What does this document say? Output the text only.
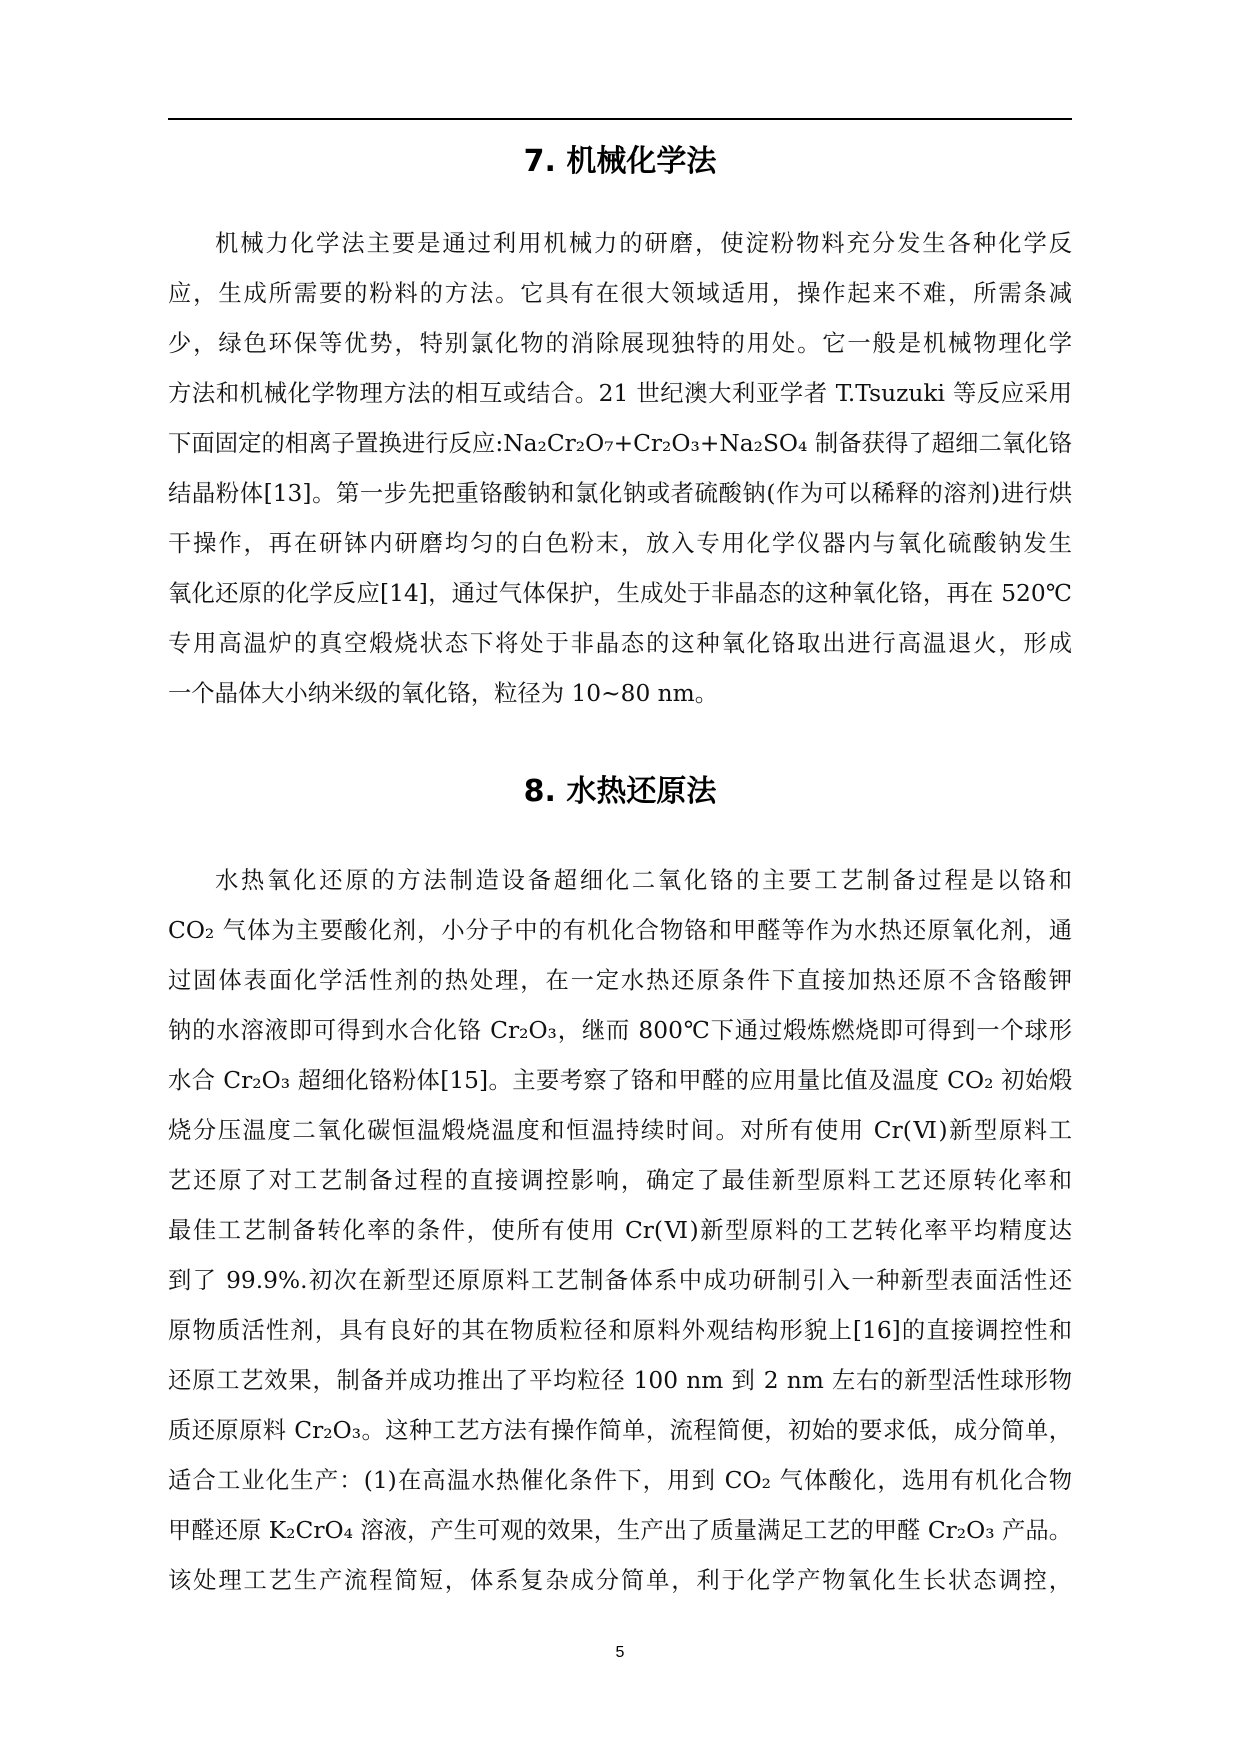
7. 机械化学法
机械力化学法主要是通过利用机械力的研磨，使淀粉物料充分发生各种化学反
应，生成所需要的粉料的方法。它具有在很大领域适用，操作起来不难，所需条减
少，绿色环保等优势，特别氯化物的消除展现独特的用处。它一般是机械物理化学
方法和机械化学物理方法的相互或结合。21 世纪澳大利亚学者 T.Tsuzuki 等反应采用
下面固定的相离子置换进行反应:Na₂Cr₂O₇+Cr₂O₃+Na₂SO₄ 制备获得了超细二氧化铬
结晶粉体[13]。第一步先把重铬酸钠和氯化钠或者硫酸钠(作为可以稀释的溶剂)进行烘
干操作，再在研钵内研磨均匀的白色粉末，放入专用化学仪器内与氧化硫酸钠发生
氧化还原的化学反应[14]，通过气体保护，生成处于非晶态的这种氧化铬，再在 520℃
专用高温炉的真空煅烧状态下将处于非晶态的这种氧化铬取出进行高温退火，形成
一个晶体大小纳米级的氧化铬，粒径为 10~80 nm。
8. 水热还原法
水热氧化还原的方法制造设备超细化二氧化铬的主要工艺制备过程是以铬和
CO₂ 气体为主要酸化剂，小分子中的有机化合物铬和甲醛等作为水热还原氧化剂，通
过固体表面化学活性剂的热处理，在一定水热还原条件下直接加热还原不含铬酸钾
钠的水溶液即可得到水合化铬 Cr₂O₃，继而 800℃下通过煅炼燃烧即可得到一个球形
水合 Cr₂O₃ 超细化铬粉体[15]。主要考察了铬和甲醛的应用量比值及温度 CO₂ 初始煅
烧分压温度二氧化碳恒温煅烧温度和恒温持续时间。对所有使用 Cr(Ⅵ)新型原料工
艺还原了对工艺制备过程的直接调控影响，确定了最佳新型原料工艺还原转化率和
最佳工艺制备转化率的条件，使所有使用 Cr(Ⅵ)新型原料的工艺转化率平均精度达
到了 99.9%.初次在新型还原原料工艺制备体系中成功研制引入一种新型表面活性还
原物质活性剂，具有良好的其在物质粒径和原料外观结构形貌上[16]的直接调控性和
还原工艺效果，制备并成功推出了平均粒径 100 nm 到 2 nm 左右的新型活性球形物
质还原原料 Cr₂O₃。这种工艺方法有操作简单，流程简便，初始的要求低，成分简单，
适合工业化生产：(1)在高温水热催化条件下，用到 CO₂ 气体酸化，选用有机化合物
甲醛还原 K₂CrO₄ 溶液，产生可观的效果，生产出了质量满足工艺的甲醛 Cr₂O₃ 产品。
该处理工艺生产流程简短，体系复杂成分简单，利于化学产物氧化生长状态调控，

5
